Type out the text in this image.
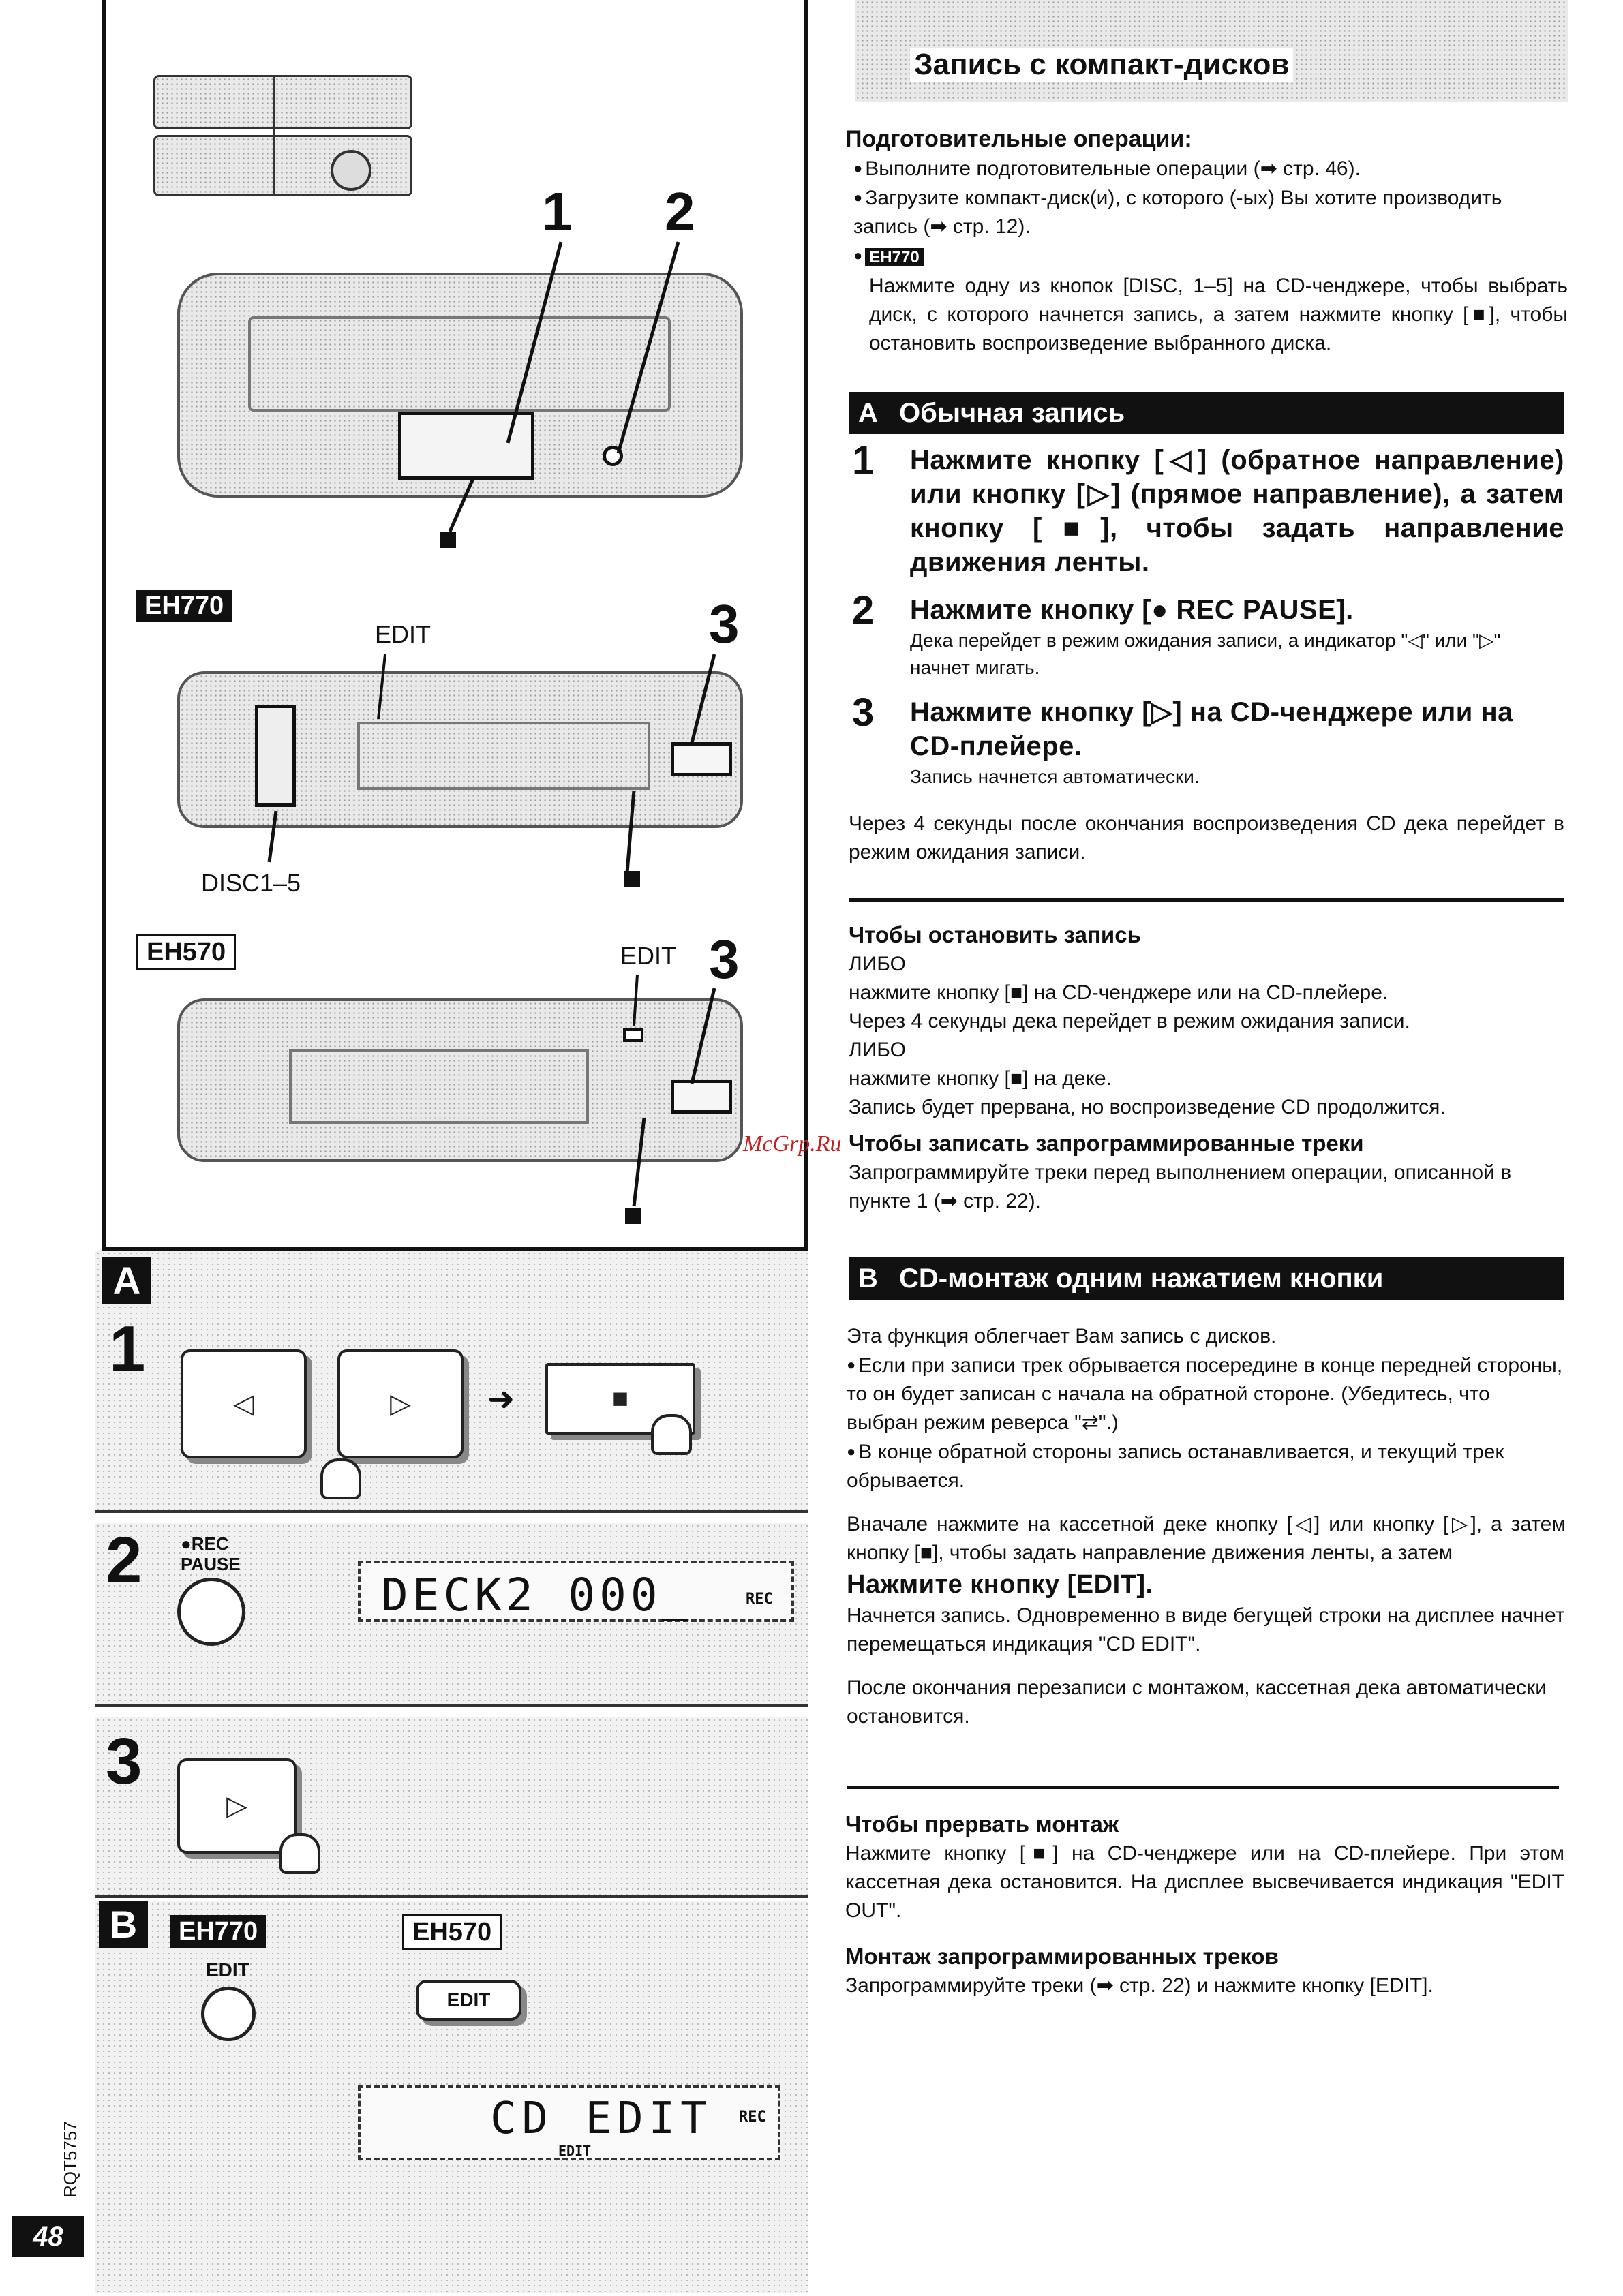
1 2
EH770
EDIT	3
DISC1–5
EH570	EDIT 3
A
1
◁	▷ ➜	■
2 ●REC
PAUSE
DECK2 000_	REC
3
▷
B	EH770	EH570
EDIT
EDIT
CD EDIT
EDIT
REC
Запись с компакт-дисков
Подготовительные операции:
● Выполните подготовительные операции (➡ стр. 46).
● Загрузите компакт-диск(и), с которого (-ых) Вы хотите производить запись (➡ стр. 12).
● EH770
Нажмите одну из кнопок [DISC, 1–5] на CD-ченджере, чтобы выбрать диск, с которого начнется запись, а затем нажмите кнопку [■], чтобы остановить воспроизведение выбранного диска.
A Обычная запись
1 Нажмите кнопку [◁] (обратное направление) или кнопку [▷] (прямое направление), а затем кнопку [■], чтобы задать направление движения ленты.
2 Нажмите кнопку [● REC PAUSE].
Дека перейдет в режим ожидания записи, а индикатор "◁" или "▷" начнет мигать.
3 Нажмите кнопку [▷] на CD-ченджере или на CD-плейере.
Запись начнется автоматически.
Через 4 секунды после окончания воспроизведения CD дека перейдет в режим ожидания записи.
Чтобы остановить запись
ЛИБО
нажмите кнопку [■] на CD-ченджере или на CD-плейере.
Через 4 секунды дека перейдет в режим ожидания записи.
ЛИБО
нажмите кнопку [■] на деке.
Запись будет прервана, но воспроизведение CD продолжится.
Чтобы записать запрограммированные треки
Запрограммируйте треки перед выполнением операции, описанной в пункте 1 (➡ стр. 22).
McGrp.Ru
B CD-монтаж одним нажатием кнопки
Эта функция облегчает Вам запись с дисков.
● Если при записи трек обрывается посередине в конце передней стороны, то он будет записан с начала на обратной стороне. (Убедитесь, что выбран режим реверса "⇄".)
● В конце обратной стороны запись останавливается, и текущий трек обрывается.
Вначале нажмите на кассетной деке кнопку [◁] или кнопку [▷], а затем кнопку [■], чтобы задать направление движения ленты, а затем
Нажмите кнопку [EDIT].
Начнется запись. Одновременно в виде бегущей строки на дисплее начнет перемещаться индикация "CD EDIT".
После окончания перезаписи с монтажом, кассетная дека автоматически остановится.
Чтобы прервать монтаж
Нажмите кнопку [■] на CD-ченджере или на CD-плейере. При этом кассетная дека остановится. На дисплее высвечивается индикация "EDIT OUT".
Монтаж запрограммированных треков
Запрограммируйте треки (➡ стр. 22) и нажмите кнопку [EDIT].
RQT5757
48
